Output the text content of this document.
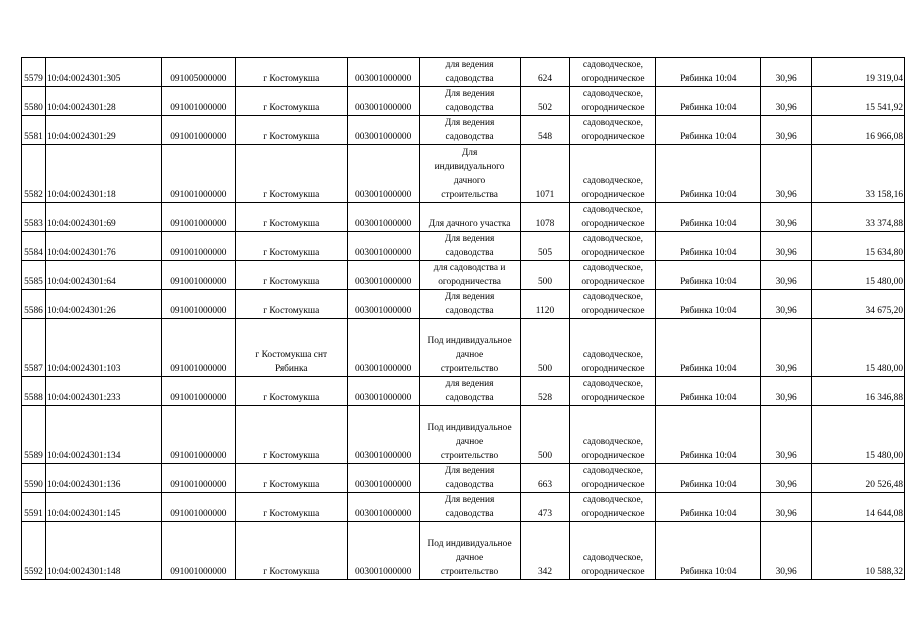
5579	10:04:0024301:305	091005000000	г Костомукша	003001000000	для ведения
садоводства	624	садоводческое,
огородническое	Рябинка 10:04	30,96	19 319,04
5580	10:04:0024301:28	091001000000	г Костомукша	003001000000	Для ведения
садоводства	502	садоводческое,
огородническое	Рябинка 10:04	30,96	15 541,92
5581	10:04:0024301:29	091001000000	г Костомукша	003001000000	Для ведения
садоводства	548	садоводческое,
огородническое	Рябинка 10:04	30,96	16 966,08
5582	10:04:0024301:18	091001000000	г Костомукша	003001000000	Для
индивидуального
дачного
строительства	1071	садоводческое,
огородническое	Рябинка 10:04	30,96	33 158,16
5583	10:04:0024301:69	091001000000	г Костомукша	003001000000	Для дачного участка	1078	садоводческое,
огородническое	Рябинка 10:04	30,96	33 374,88
5584	10:04:0024301:76	091001000000	г Костомукша	003001000000	Для ведения
садоводства	505	садоводческое,
огородническое	Рябинка 10:04	30,96	15 634,80
5585	10:04:0024301:64	091001000000	г Костомукша	003001000000	для садоводства и
огородничества	500	садоводческое,
огородническое	Рябинка 10:04	30,96	15 480,00
5586	10:04:0024301:26	091001000000	г Костомукша	003001000000	Для ведения
садоводства	1120	садоводческое,
огородническое	Рябинка 10:04	30,96	34 675,20
5587	10:04:0024301:103	091001000000	г Костомукша снт
Рябинка	003001000000	Под индивидуальное
дачное
строительство	500	садоводческое,
огородническое	Рябинка 10:04	30,96	15 480,00
5588	10:04:0024301:233	091001000000	г Костомукша	003001000000	для ведения
садоводства	528	садоводческое,
огородническое	Рябинка 10:04	30,96	16 346,88
5589	10:04:0024301:134	091001000000	г Костомукша	003001000000	Под индивидуальное
дачное
строительство	500	садоводческое,
огородническое	Рябинка 10:04	30,96	15 480,00
5590	10:04:0024301:136	091001000000	г Костомукша	003001000000	Для ведения
садоводства	663	садоводческое,
огородническое	Рябинка 10:04	30,96	20 526,48
5591	10:04:0024301:145	091001000000	г Костомукша	003001000000	Для ведения
садоводства	473	садоводческое,
огородническое	Рябинка 10:04	30,96	14 644,08
5592	10:04:0024301:148	091001000000	г Костомукша	003001000000	Под индивидуальное
дачное
строительство	342	садоводческое,
огородническое	Рябинка 10:04	30,96	10 588,32
